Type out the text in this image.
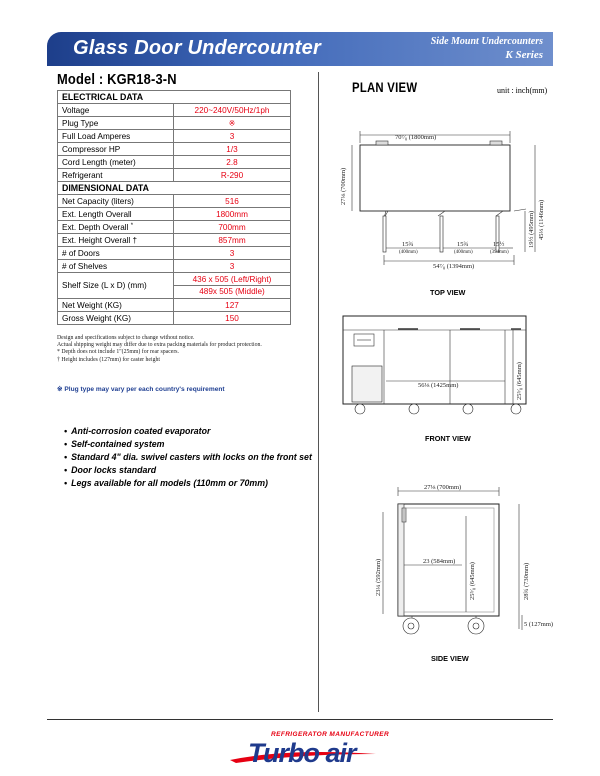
Glass Door Undercounter	Side Mount Undercounters
K Series
Model : KGR18-3-N
ELECTRICAL DATA	
Voltage	220~240V/50Hz/1ph
Plug Type	※
Full Load Amperes	3
Compressor HP	1/3
Cord Length (meter)	2.8
Refrigerant	R-290
DIMENSIONAL DATA	
Net Capacity (liters)	516
Ext. Length Overall	1800mm
Ext. Depth Overall *	700mm
Ext. Height Overall †	857mm
# of Doors	3
# of Shelves	3
Shelf Size (L x D) (mm)	436 x 505 (Left/Right)
489x 505 (Middle)

Net Weight (KG)	127
Gross Weight (KG)	150
Design and specifications subject to change without notice.
Actual shipping weight may differ due to extra packing materials for product protection.
* Depth does not include 1"(25mm) for rear spacers.
† Height includes (127mm) for caster height
※ Plug type may vary per each country's requirement
• Anti-corrosion coated evaporator
• Self-contained system
• Standard 4" dia. swivel casters with locks on the front set
• Door locks standard
• Legs available for all models (110mm or 70mm)
PLAN VIEW	unit : inch(mm)
70⁷⁄₈ (1800mm)
27⅛ (700mm)
45⅓ (1146mm)
19½ (495mm)
15¾
(400mm)
15¾
(400mm)
15½
(394mm)
54⁷⁄₈ (1394mm)
56⅛ (1425mm)	25⁵⁄₈ (645mm)
27⅛ (700mm)
23 (584mm)
23¼ (592mm)	25⁵⁄₈ (645mm)	28¾ (730mm)
5 (127mm)
TOP VIEW
FRONT VIEW
SIDE VIEW
Turbo air
REFRIGERATOR MANUFACTURER
